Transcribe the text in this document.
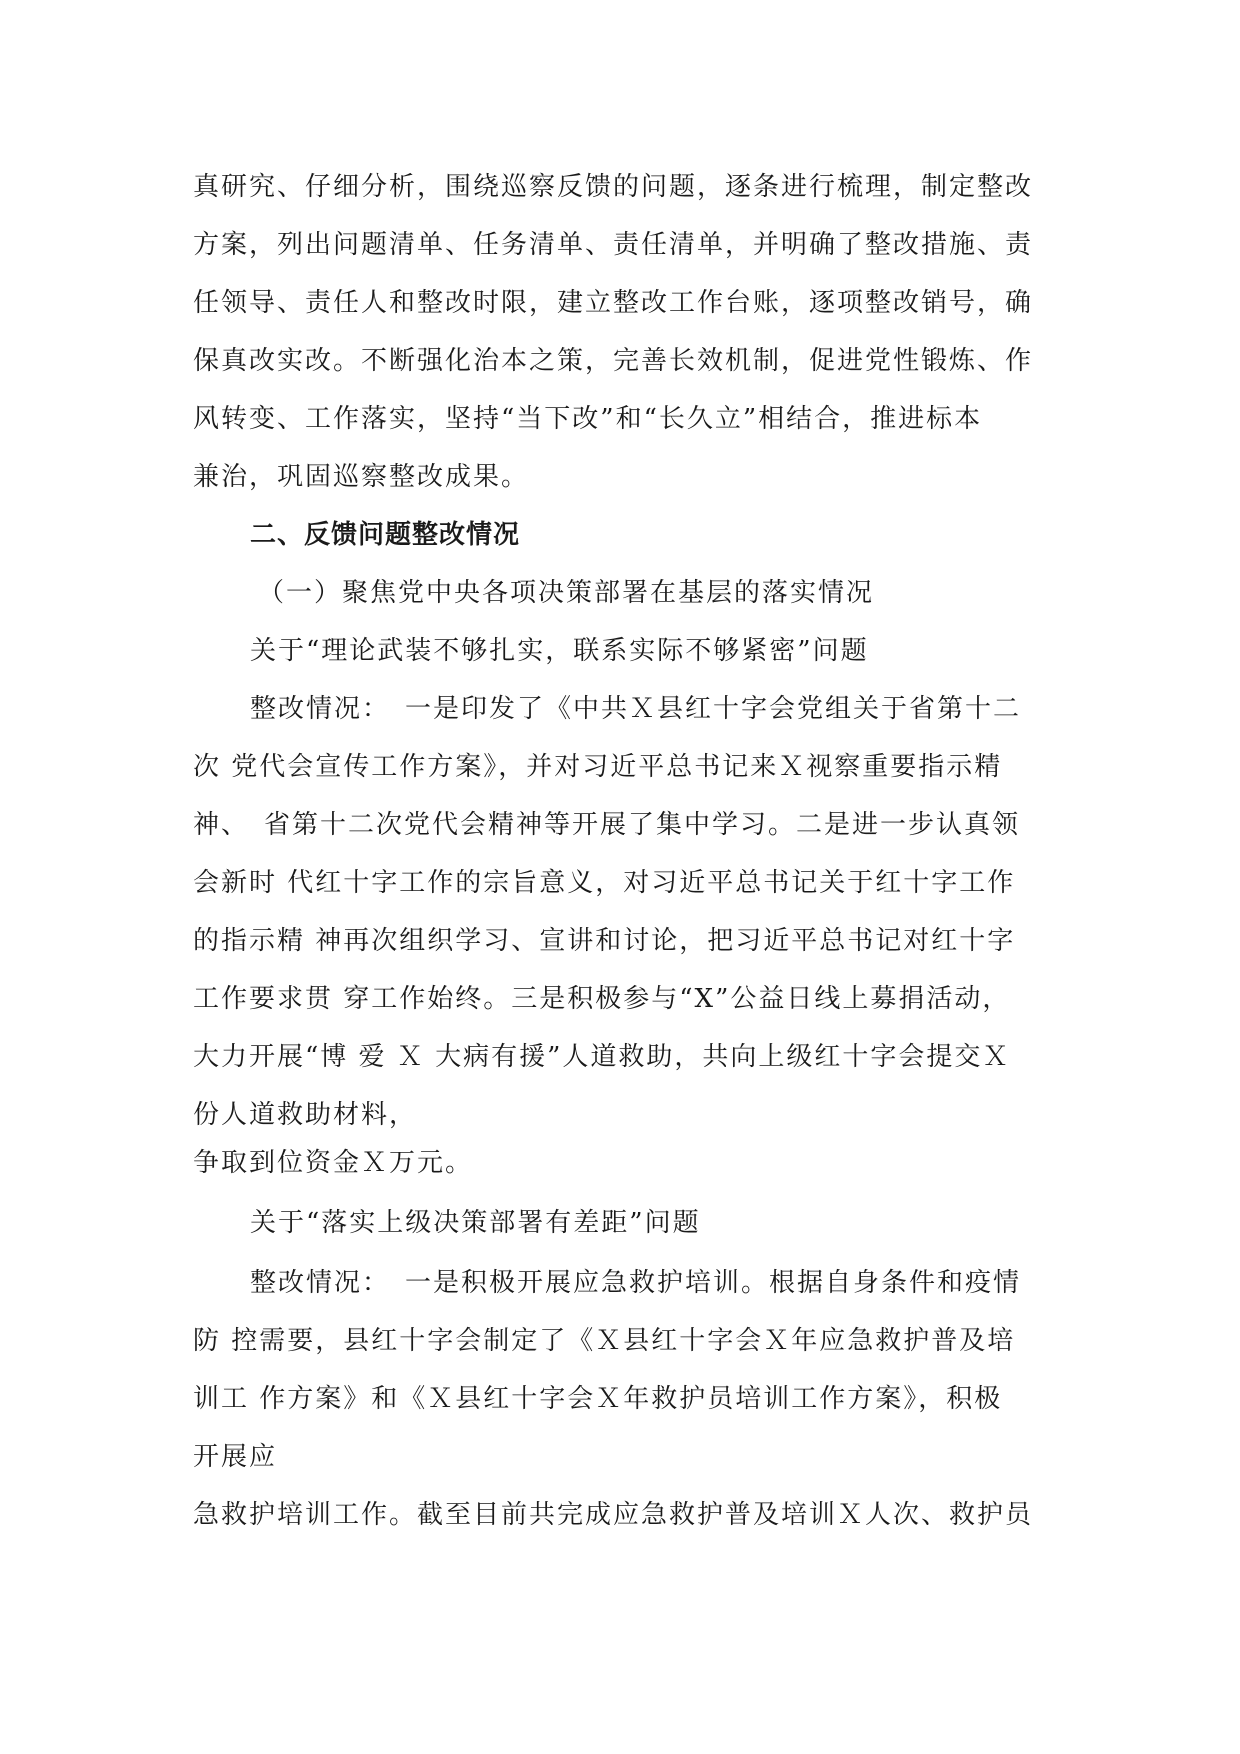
真研究、仔细分析，围绕巡察反馈的问题，逐条进行梳理，制定整改

方案，列出问题清单、任务清单、责任清单，并明确了整改措施、责

任领导、责任人和整改时限，建立整改工作台账，逐项整改销号，确

保真改实改。不断强化治本之策，完善长效机制，促进党性锻炼、作

风转变、工作落实，坚持“当下改”和“长久立”相结合，推进标本

兼治，巩固巡察整改成果。

二、反馈问题整改情况

（一）聚焦党中央各项决策部署在基层的落实情况

关于“理论武装不够扎实，联系实际不够紧密”问题

整改情况：　一是印发了《中共Ｘ县红十字会党组关于省第十二

次 党代会宣传工作方案》，并对习近平总书记来Ｘ视察重要指示精

神、　省第十二次党代会精神等开展了集中学习。二是进一步认真领

会新时 代红十字工作的宗旨意义，对习近平总书记关于红十字工作

的指示精 神再次组织学习、宣讲和讨论，把习近平总书记对红十字

工作要求贯 穿工作始终。三是积极参与“X”公益日线上募捐活动，

大力开展“博 爱 Ｘ 大病有援”人道救助，共向上级红十字会提交Ｘ

份人道救助材料，

争取到位资金Ｘ万元。

关于“落实上级决策部署有差距”问题

整改情况：　一是积极开展应急救护培训。根据自身条件和疫情

防 控需要，县红十字会制定了《Ｘ县红十字会Ｘ年应急救护普及培

训工 作方案》和《Ｘ县红十字会Ｘ年救护员培训工作方案》，积极

开展应

急救护培训工作。截至目前共完成应急救护普及培训Ｘ人次、救护员
